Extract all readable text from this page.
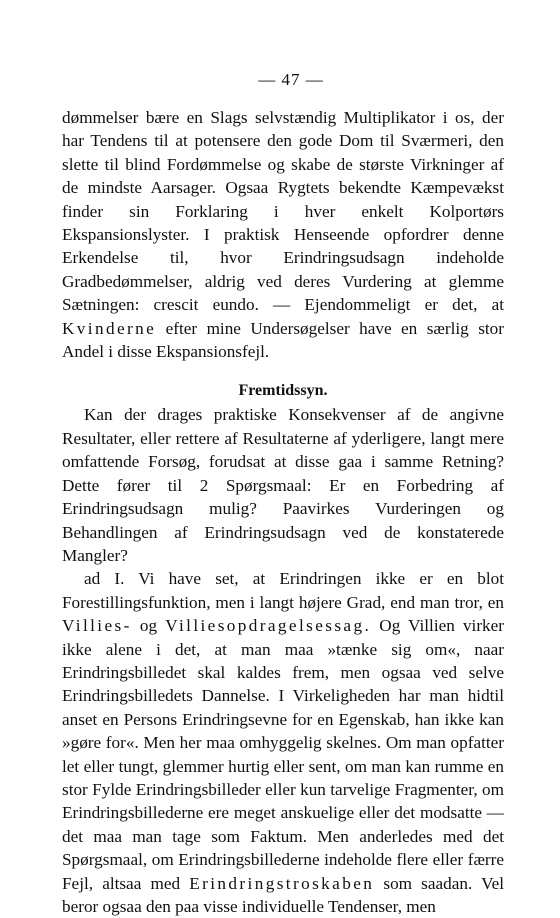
— 47 —

dømmelser bære en Slags selvstændig Multiplikator i os, der har Tendens til at potensere den gode Dom til Sværmeri, den slette til blind Fordømmelse og skabe de største Virkninger af de mindste Aarsager. Ogsaa Rygtets bekendte Kæmpevækst finder sin Forklaring i hver enkelt Kolportørs Ekspansionslyster. I praktisk Henseende opfordrer denne Erkendelse til, hvor Erindringsudsagn indeholde Gradbedømmelser, aldrig ved deres Vurdering at glemme Sætningen: crescit eundo. — Ejendommeligt er det, at Kvinderne efter mine Undersøgelser have en særlig stor Andel i disse Ekspansionsfejl.

Fremtidssyn.

Kan der drages praktiske Konsekvenser af de angivne Resultater, eller rettere af Resultaterne af yderligere, langt mere omfattende Forsøg, forudsat at disse gaa i samme Retning? Dette fører til 2 Spørgsmaal: Er en Forbedring af Erindringsudsagn mulig? Paavirkes Vurderingen og Behandlingen af Erindringsudsagn ved de konstaterede Mangler?

ad I. Vi have set, at Erindringen ikke er en blot Forestillingsfunktion, men i langt højere Grad, end man tror, en Villies- og Villiesopdragelsessag. Og Villien virker ikke alene i det, at man maa »tænke sig om«, naar Erindringsbilledet skal kaldes frem, men ogsaa ved selve Erindringsbilledets Dannelse. I Virkeligheden har man hidtil anset en Persons Erindringsevne for en Egenskab, han ikke kan »gøre for«. Men her maa omhyggelig skelnes. Om man opfatter let eller tungt, glemmer hurtig eller sent, om man kan rumme en stor Fylde Erindringsbilleder eller kun tarvelige Fragmenter, om Erindringsbillederne ere meget anskuelige eller det modsatte — det maa man tage som Faktum. Men anderledes med det Spørgsmaal, om Erindringsbillederne indeholde flere eller færre Fejl, altsaa med Erindringstroskaben som saadan. Vel beror ogsaa den paa visse individuelle Tendenser, men
